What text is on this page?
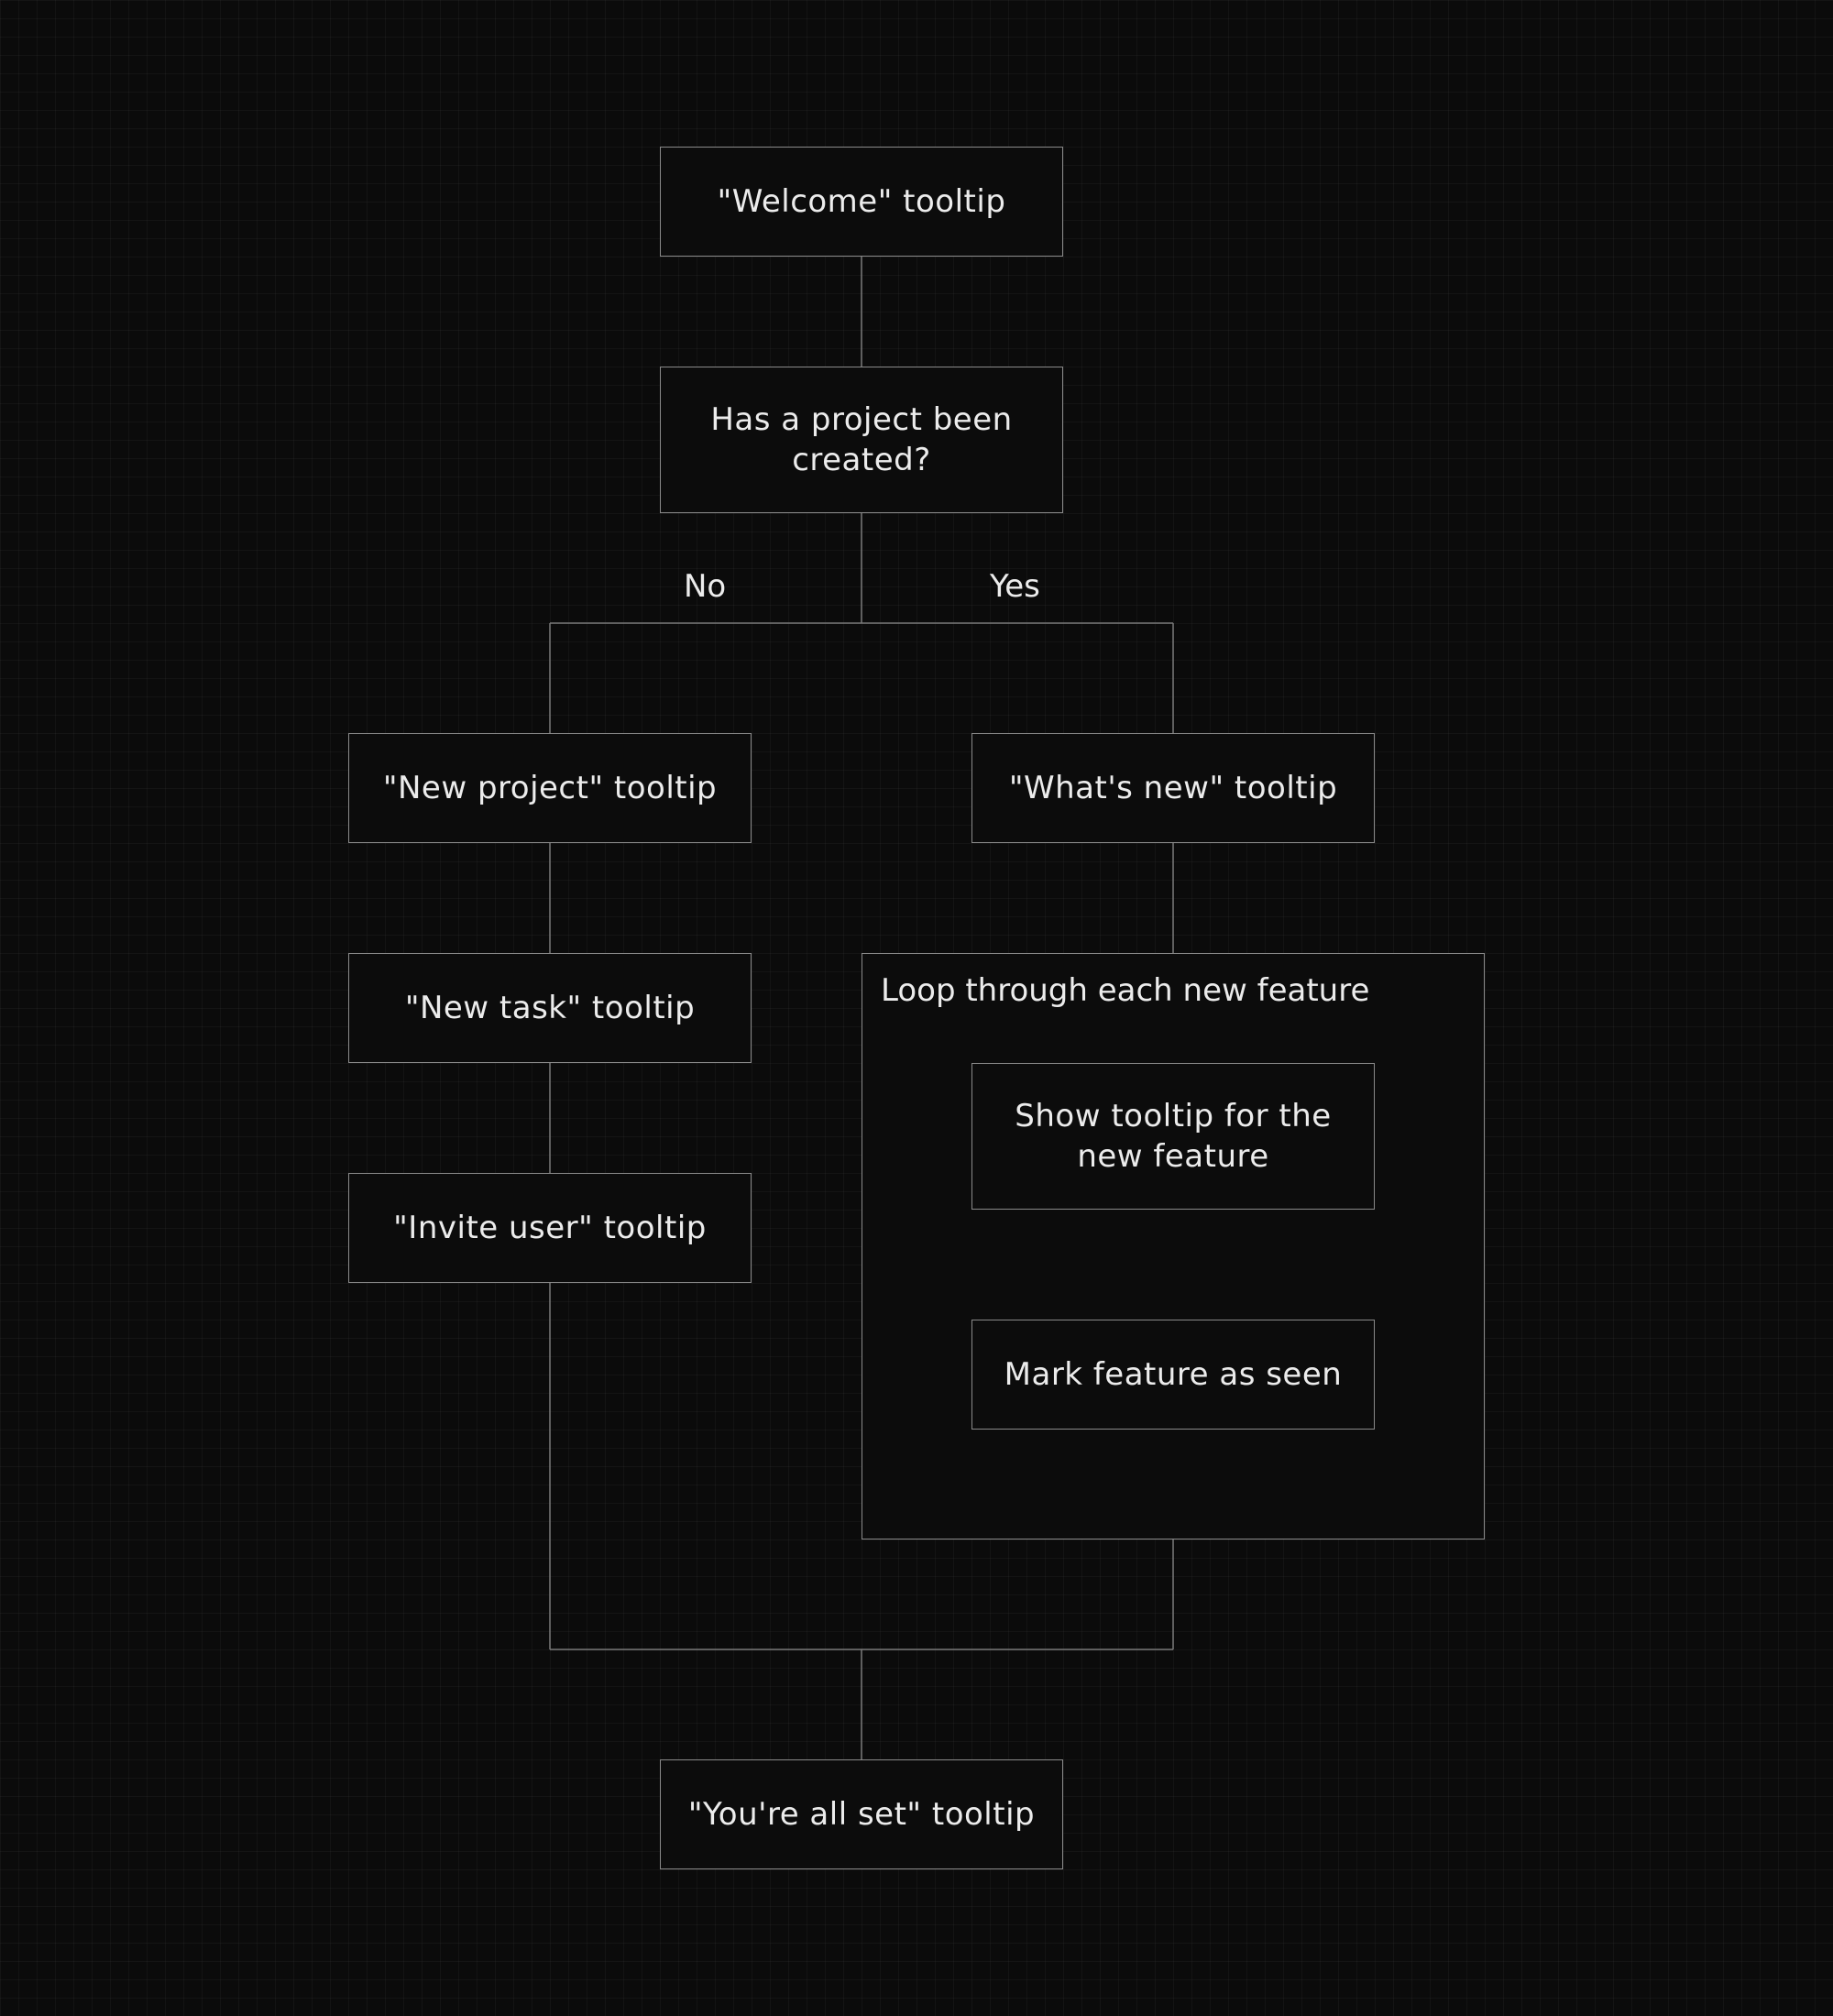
"Welcome" tooltip
Has a project been created?
No	Yes
"New project" tooltip
"New task" tooltip
"Invite user" tooltip
"What's new" tooltip
Loop through each new feature
Show tooltip for the new feature
Mark feature as seen
"You're all set" tooltip
